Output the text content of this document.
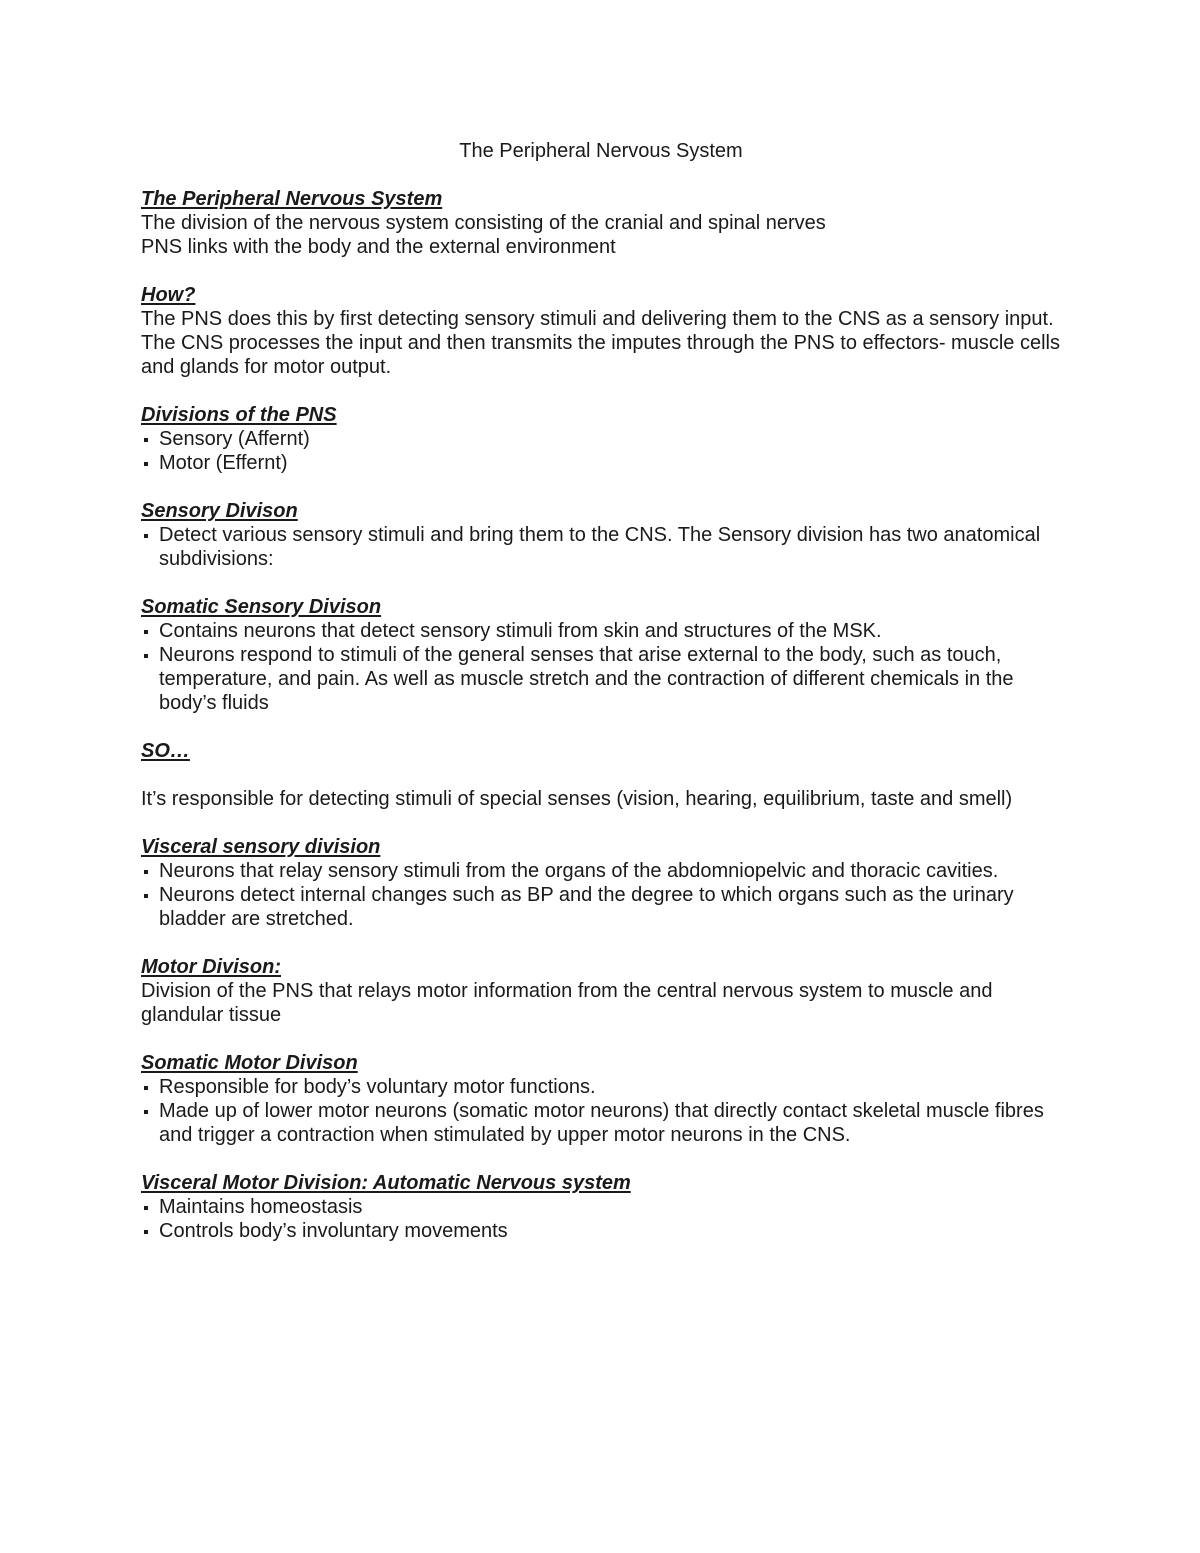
The Peripheral Nervous System
The Peripheral Nervous System
The division of the nervous system consisting of the cranial and spinal nerves
PNS links with the body and the external environment
How?
The PNS does this by first detecting sensory stimuli and delivering them to the CNS as a sensory input. The CNS processes the input and then transmits the imputes through the PNS to effectors- muscle cells and glands for motor output.
Divisions of the PNS
Sensory (Affernt)
Motor (Effernt)
Sensory Divison
Detect various sensory stimuli and bring them to the CNS. The Sensory division has two anatomical subdivisions:
Somatic Sensory Divison
Contains neurons that detect sensory stimuli from skin and structures of the MSK.
Neurons respond to stimuli of the general senses that arise external to the body, such as touch, temperature, and pain. As well as muscle stretch and the contraction of different chemicals in the body’s fluids
SO…
It’s responsible for detecting stimuli of special senses (vision, hearing, equilibrium, taste and smell)
Visceral sensory division
Neurons that relay sensory stimuli from the organs of the abdomniopelvic and thoracic cavities.
Neurons detect internal changes such as BP and the degree to which organs such as the urinary bladder are stretched.
Motor Divison:
Division of the PNS that relays motor information from the central nervous system to muscle and glandular tissue
Somatic Motor Divison
Responsible for body’s voluntary motor functions.
Made up of lower motor neurons (somatic motor neurons) that directly contact skeletal muscle fibres and trigger a contraction when stimulated by upper motor neurons in the CNS.
Visceral Motor Division: Automatic Nervous system
Maintains homeostasis
Controls body’s involuntary movements
